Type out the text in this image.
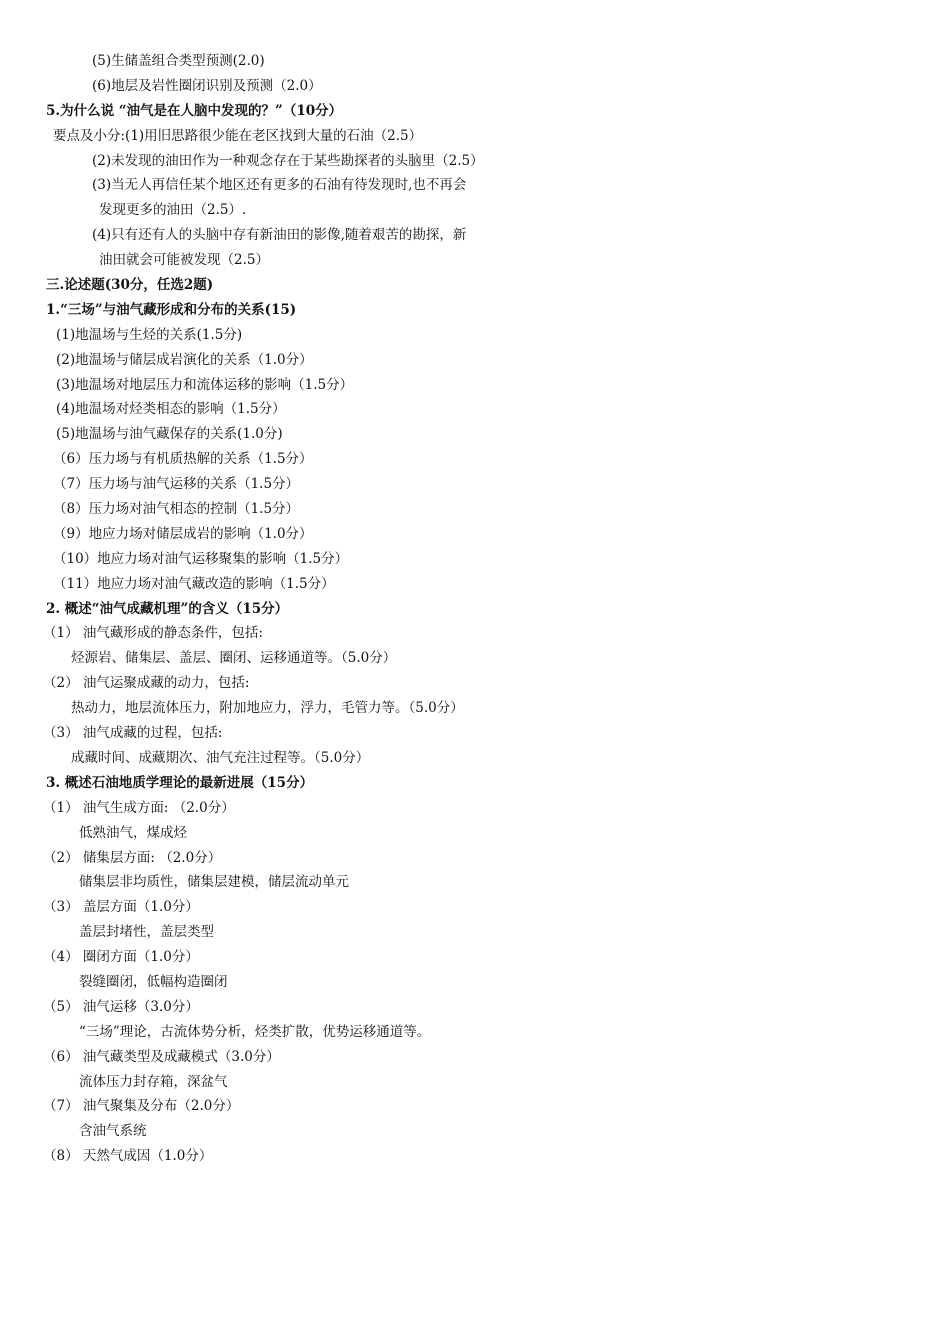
(5)生储盖组合类型预测(2.0)
(6)地层及岩性圈闭识别及预测（2.0）
5.为什么说 “油气是在人脑中发现的？”（10分）
要点及小分:(1)用旧思路很少能在老区找到大量的石油（2.5）
(2)未发现的油田作为一种观念存在于某些勘探者的头脑里（2.5）
(3)当无人再信任某个地区还有更多的石油有待发现时,也不再会
发现更多的油田（2.5）.
(4)只有还有人的头脑中存有新油田的影像,随着艰苦的勘探，新
油田就会可能被发现（2.5）
三.论述题(30分，任选2题)
1.“三场”与油气藏形成和分布的关系(15)
(1)地温场与生烃的关系(1.5分)
(2)地温场与储层成岩演化的关系（1.0分）
(3)地温场对地层压力和流体运移的影响（1.5分）
(4)地温场对烃类相态的影响（1.5分）
(5)地温场与油气藏保存的关系(1.0分)
（6）压力场与有机质热解的关系（1.5分）
（7）压力场与油气运移的关系（1.5分）
（8）压力场对油气相态的控制（1.5分）
（9）地应力场对储层成岩的影响（1.0分）
（10）地应力场对油气运移聚集的影响（1.5分）
（11）地应力场对油气藏改造的影响（1.5分）
2. 概述“油气成藏机理”的含义（15分）
（1） 油气藏形成的静态条件，包括:
烃源岩、储集层、盖层、圈闭、运移通道等。（5.0分）
（2） 油气运聚成藏的动力，包括:
热动力，地层流体压力，附加地应力，浮力，毛管力等。（5.0分）
（3） 油气成藏的过程，包括:
成藏时间、成藏期次、油气充注过程等。（5.0分）
3. 概述石油地质学理论的最新进展（15分）
（1） 油气生成方面: （2.0分）
低熟油气，煤成烃
（2） 储集层方面: （2.0分）
储集层非均质性，储集层建模，储层流动单元
（3） 盖层方面（1.0分）
盖层封堵性，盖层类型
（4） 圈闭方面（1.0分）
裂缝圈闭，低幅构造圈闭
（5） 油气运移（3.0分）
“三场”理论，古流体势分析，烃类扩散，优势运移通道等。
（6） 油气藏类型及成藏模式（3.0分）
流体压力封存箱，深盆气
（7） 油气聚集及分布（2.0分）
含油气系统
（8） 天然气成因（1.0分）
